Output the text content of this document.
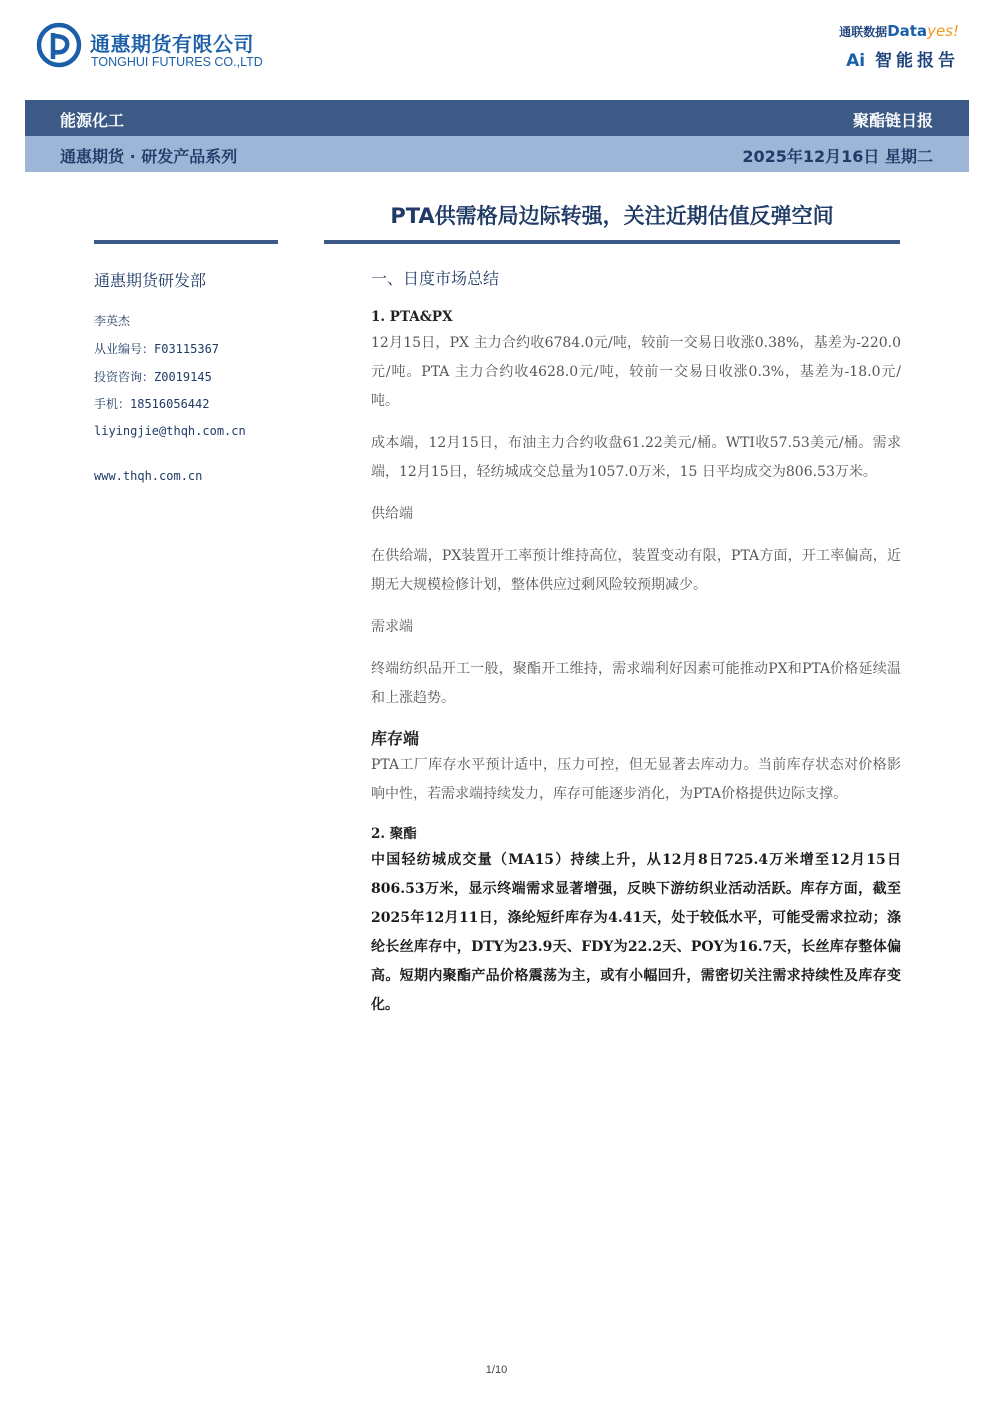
通惠期货有限公司
TONGHUI FUTURES CO.,LTD
通联数据Datayes!
Ai 智能报告
能源化工	聚酯链日报
通惠期货 · 研发产品系列	2025年12月16日 星期二
PTA供需格局边际转强，关注近期估值反弹空间
通惠期货研发部
李英杰
从业编号：F03115367
投资咨询：Z0019145
手机：18516056442
liyingjie@thqh.com.cn
www.thqh.com.cn
一、日度市场总结
1. PTA&PX
12月15日，PX 主力合约收6784.0元/吨，较前一交易日收涨0.38%，基差为-220.0元/吨。PTA 主力合约收4628.0元/吨，较前一交易日收涨0.3%，基差为-18.0元/吨。
成本端，12月15日，布油主力合约收盘61.22美元/桶。WTI收57.53美元/桶。需求端，12月15日，轻纺城成交总量为1057.0万米，15 日平均成交为806.53万米。
供给端
在供给端，PX装置开工率预计维持高位，装置变动有限，PTA方面，开工率偏高，近期无大规模检修计划，整体供应过剩风险较预期减少。
需求端
终端纺织品开工一般，聚酯开工维持，需求端利好因素可能推动PX和PTA价格延续温和上涨趋势。
库存端
PTA工厂库存水平预计适中，压力可控，但无显著去库动力。当前库存状态对价格影响中性，若需求端持续发力，库存可能逐步消化，为PTA价格提供边际支撑。
2. 聚酯
中国轻纺城成交量（MA15）持续上升，从12月8日725.4万米增至12月15日806.53万米，显示终端需求显著增强，反映下游纺织业活动活跃。库存方面，截至2025年12月11日，涤纶短纤库存为4.41天，处于较低水平，可能受需求拉动；涤纶长丝库存中，DTY为23.9天、FDY为22.2天、POY为16.7天，长丝库存整体偏高。短期内聚酯产品价格震荡为主，或有小幅回升，需密切关注需求持续性及库存变化。
1/10
